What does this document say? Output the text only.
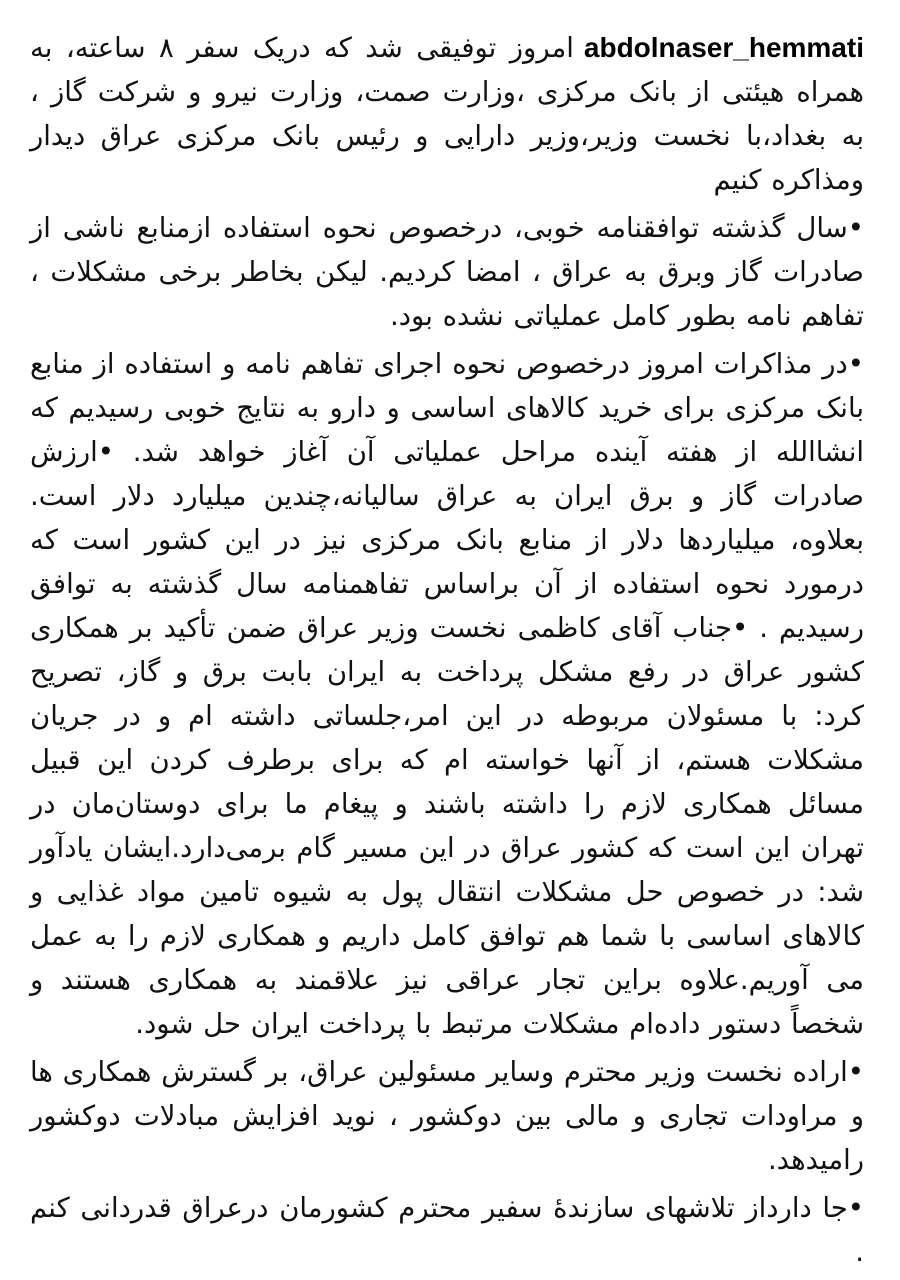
abdolnaser_hemmatiامروز توفیقی شد که دریک سفر ۸ ساعته، به همراه هیئتی از بانک مرکزی ،وزارت صمت، وزارت نیرو و شرکت گاز ، به بغداد،با نخست وزیر،وزیر دارایی و رئیس بانک مرکزی عراق دیدار ومذاکره کنیم

•سال گذشته توافقنامه خوبی، درخصوص نحوه استفاده ازمنابع ناشی از صادرات گاز وبرق به عراق ، امضا کردیم. لیکن بخاطر برخی مشکلات ، تفاهم نامه بطور کامل عملیاتی نشده بود.

•در مذاکرات امروز درخصوص نحوه اجرای تفاهم نامه و استفاده از منابع بانک مرکزی برای خرید کالاهای اساسی و دارو به نتایج خوبی رسیدیم که انشاالله از هفته آینده مراحل عملیاتی آن آغاز خواهد شد. •ارزش صادرات گاز و برق ایران به عراق سالیانه،چندین میلیارد دلار است. بعلاوه، میلیاردها دلار از منابع بانک مرکزی نیز در این کشور است که درمورد نحوه استفاده از آن براساس تفاهمنامه سال گذشته به توافق رسیدیم . •جناب آقای کاظمی نخست وزیر عراق ضمن تأکید بر همکاری کشور عراق در رفع مشکل پرداخت به ایران بابت برق و گاز، تصریح کرد: با مسئولان مربوطه در این امر،جلساتی داشته ام و در جریان مشکلات هستم، از آنها خواسته ام که برای برطرف کردن این قبیل مسائل همکاری لازم را داشته باشند و پیغام ما برای دوستان‌مان در تهران این است که کشور عراق در این مسیر گام برمی‌دارد.ایشان یادآور شد: در خصوص حل مشکلات انتقال پول به شیوه تامین مواد غذایی و کالاهای اساسی با شما هم توافق کامل داریم و همکاری لازم را به عمل می آوریم.علاوه براین تجار عراقی نیز علاقمند به همکاری هستند و شخصاً دستور داده‌ام مشکلات مرتبط با پرداخت ایران حل شود.

•اراده نخست وزیر محترم وسایر مسئولین عراق، بر گسترش همکاری ها و مراودات تجاری و مالی بین دوکشور ، نوید افزایش مبادلات دوکشور رامیدهد.

•جا دارداز تلاشهای سازندۀ سفیر محترم کشورمان درعراق قدردانی کنم .
